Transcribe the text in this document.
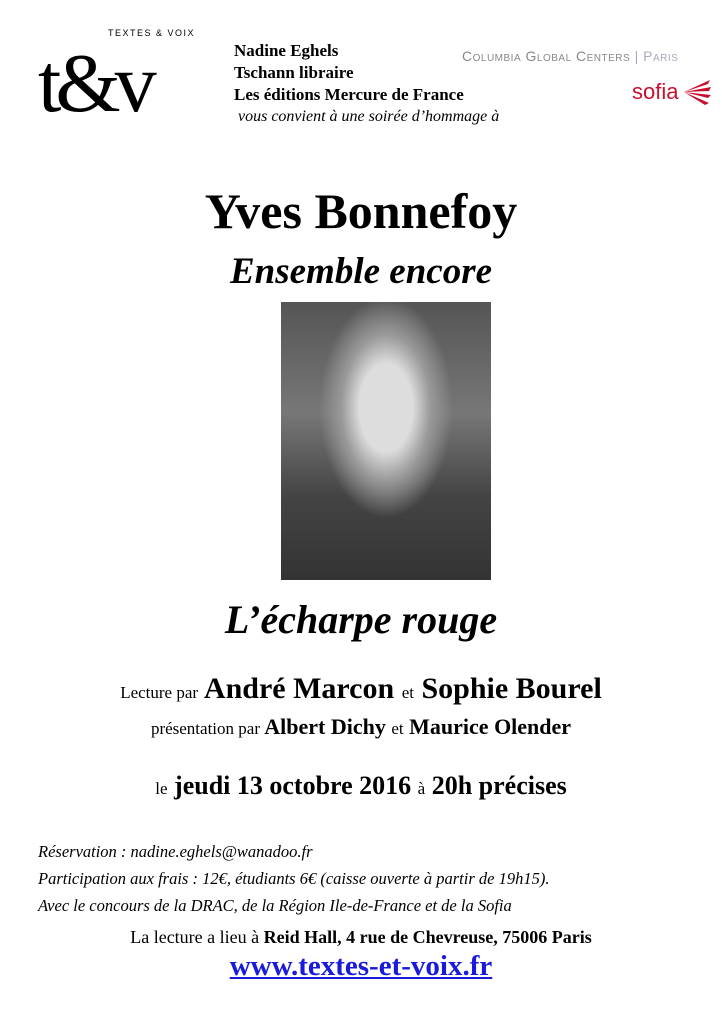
t&v
TEXTES & VOIX
Nadine Eghels
Tschann libraire
Les éditions Mercure de France
vous convient à une soirée d’hommage à
Columbia Global Centers | Paris
sofia
Yves Bonnefoy
Ensemble encore
L’écharpe rouge
Lecture par André Marcon et Sophie Bourel
présentation par Albert Dichy et Maurice Olender
le jeudi 13 octobre 2016 à 20h précises
Réservation : nadine.eghels@wanadoo.fr
Participation aux frais : 12€, étudiants 6€ (caisse ouverte à partir de 19h15).
Avec le concours de la DRAC, de la Région Ile-de-France et de la Sofia
La lecture a lieu à Reid Hall, 4 rue de Chevreuse, 75006 Paris
www.textes-et-voix.fr
